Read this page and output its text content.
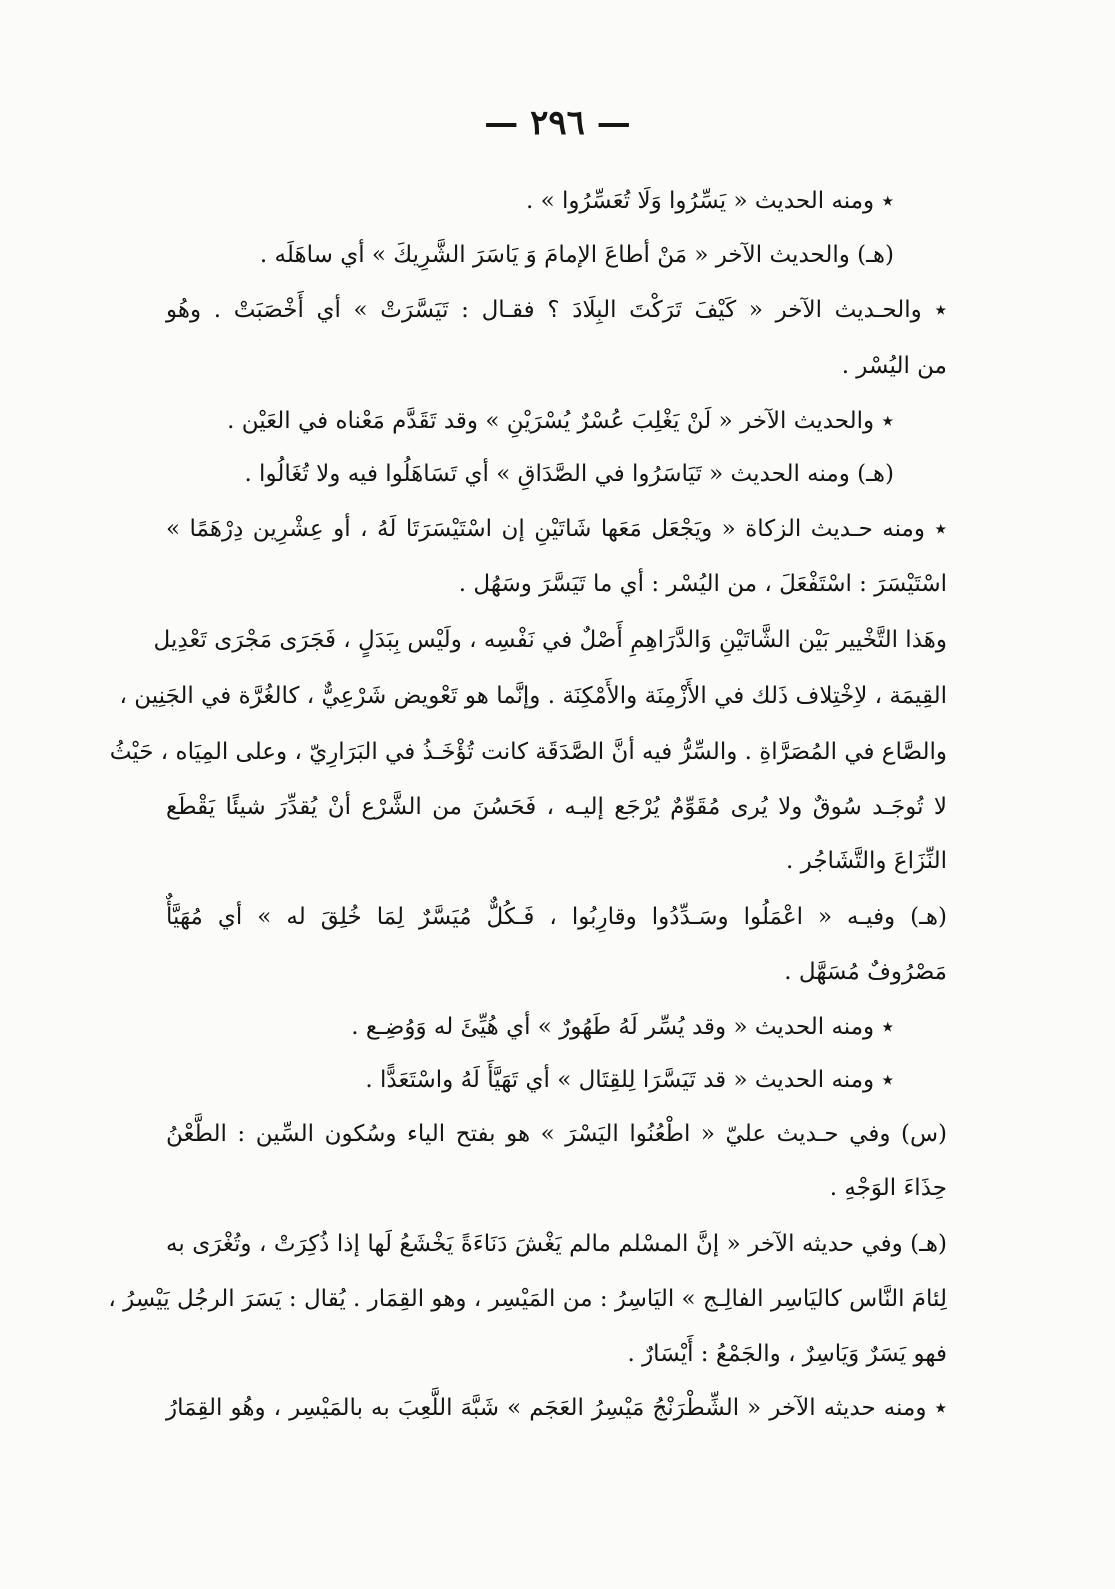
— ٢٩٦ —
٭ ومنه الحديث « يَسِّرُوا وَلَا تُعَسِّرُوا » .
(هـ) والحديث الآخر « مَنْ أطاعَ الإمامَ وَ يَاسَرَ الشَّرِيكَ » أي ساهَلَه .
٭ والحـديث الآخر « كَيْفَ تَرَكْتَ البِلَادَ ؟ فقـال : تَيَسَّرَتْ » أي أَخْصَبَتْ . وهُو
من اليُسْر .
٭ والحديث الآخر « لَنْ يَغْلِبَ عُسْرٌ يُسْرَيْنِ » وقد تَقَدَّم مَعْناه في العَيْن .
(هـ) ومنه الحديث « تَيَاسَرُوا في الصَّدَاقِ » أي تَسَاهَلُوا فيه ولا تُغَالُوا .
٭ ومنه حـديث الزكاة « ويَجْعَل مَعَها شَاتَيْنِ إن اسْتَيْسَرَتَا لَهُ ، أو عِشْرِين دِرْهَمًا »
اسْتَيْسَرَ : اسْتَفْعَلَ ، من اليُسْر : أي ما تَيَسَّرَ وسَهُل .
وهَذا التَّخْيير بَيْن الشَّاتَيْنِ وَالدَّرَاهِمِ أَصْلٌ في نَفْسِه ، ولَيْس بِبَدَلٍ ، فَجَرَى مَجْرَى تَعْدِيل
القِيمَة ، لاِخْتِلاف ذَلك في الأَزْمِنَة والأَمْكِنَة . وإنَّما هو تَعْويض شَرْعِيٌّ ، كالغُرَّة في الجَنِين ،
والصَّاع في المُصَرَّاةِ . والسِّرُّ فيه أنَّ الصَّدَقَة كانت تُؤْخَـذُ في البَرَارِيّ ، وعلى المِيَاه ، حَيْثُ
لا تُوجَـد سُوقٌ ولا يُرى مُقَوِّمٌ يُرْجَع إليـه ، فَحَسُنَ من الشَّرْع أنْ يُقدِّرَ شيئًا يَقْطَع
النِّزَاعَ والتَّشَاجُر .
(هـ) وفيـه « اعْمَلُوا وسَـدِّدُوا وقارِبُوا ، فَـكُلٌّ مُيَسَّرٌ لِمَا خُلِقَ له » أي مُهَيَّأٌ
مَصْرُوفٌ مُسَهَّل .
٭ ومنه الحديث « وقد يُسِّر لَهُ طَهُورٌ » أي هُيِّئَ له وَوُضِـع .
٭ ومنه الحديث « قد تَيَسَّرَا لِلقِتَال » أي تَهَيَّأَ لَهُ واسْتَعَدًّا .
(س) وفي حـديث عليّ « اطْعُنُوا اليَسْرَ » هو بفتح الياء وسُكون السِّين : الطَّعْنُ
حِذَاءَ الوَجْهِ .
(هـ) وفي حديثه الآخر « إنَّ المسْلم مالم يَغْشَ دَنَاءَةً يَخْشَعُ لَها إذا ذُكِرَتْ ، وتُغْرَى به
لِئامَ النَّاس كاليَاسِر الفالِـج » اليَاسِرُ : من المَيْسِر ، وهو القِمَار . يُقال : يَسَرَ الرجُل يَيْسِرُ ،
فهو يَسَرٌ وَيَاسِرٌ ، والجَمْعُ : أَيْسَارٌ .
٭ ومنه حديثه الآخر « الشِّطْرَنْجُ مَيْسِرُ العَجَم » شَبَّهَ اللَّعِبَ به بالمَيْسِر ، وهُو القِمَارُ
